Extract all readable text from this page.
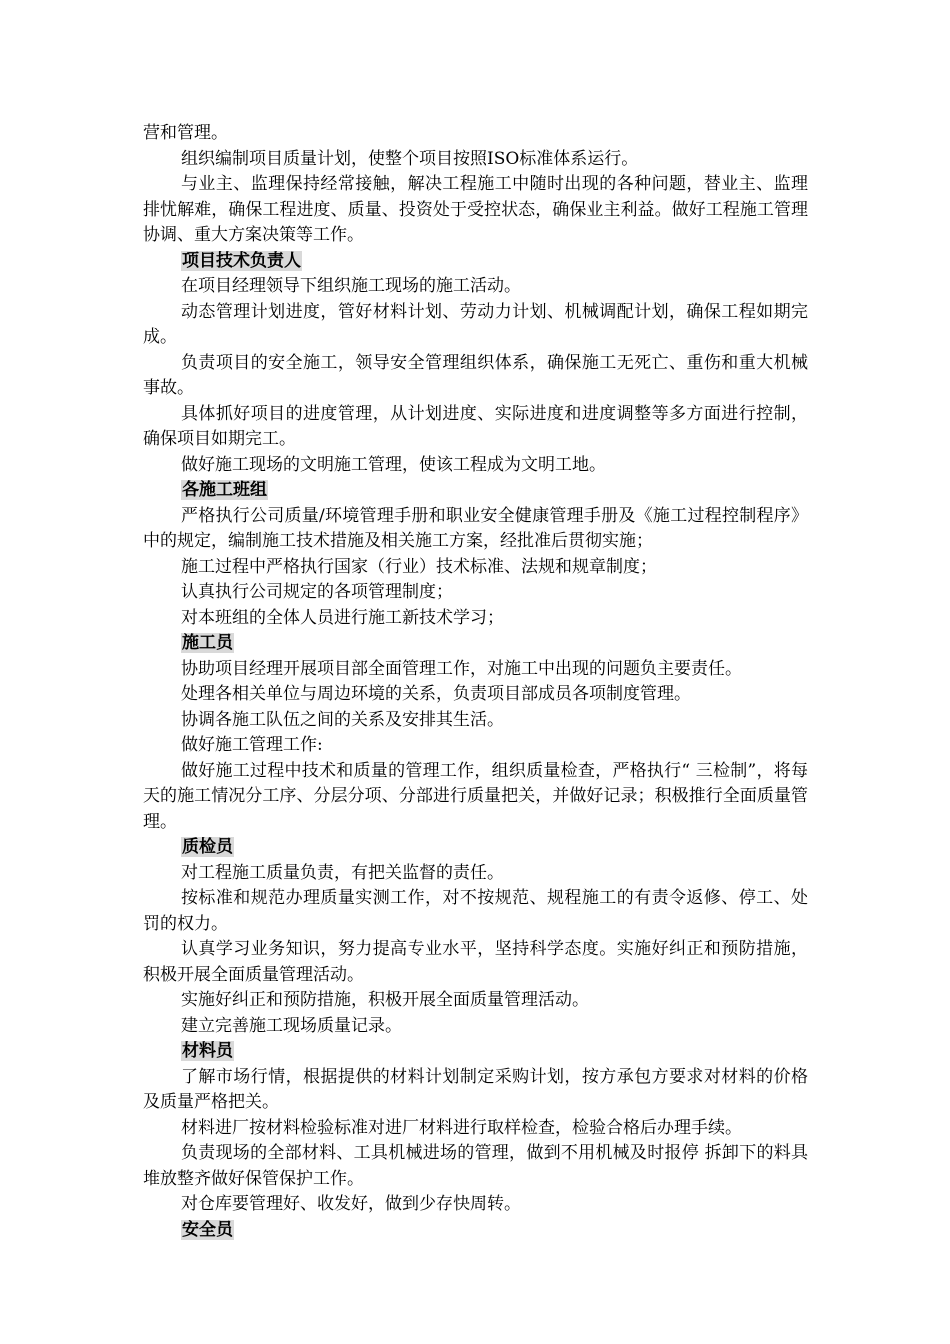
营和管理。

组织编制项目质量计划，使整个项目按照ISO标准体系运行。

与业主、监理保持经常接触，解决工程施工中随时出现的各种问题，替业主、监理排忧解难，确保工程进度、质量、投资处于受控状态，确保业主利益。做好工程施工管理协调、重大方案决策等工作。

项目技术负责人

在项目经理领导下组织施工现场的施工活动。

动态管理计划进度，管好材料计划、劳动力计划、机械调配计划，确保工程如期完成。

负责项目的安全施工，领导安全管理组织体系，确保施工无死亡、重伤和重大机械事故。

具体抓好项目的进度管理，从计划进度、实际进度和进度调整等多方面进行控制，确保项目如期完工。

做好施工现场的文明施工管理，使该工程成为文明工地。

各施工班组

严格执行公司质量/环境管理手册和职业安全健康管理手册及《施工过程控制程序》中的规定，编制施工技术措施及相关施工方案，经批准后贯彻实施；

施工过程中严格执行国家（行业）技术标准、法规和规章制度；

认真执行公司规定的各项管理制度；

对本班组的全体人员进行施工新技术学习；

施工员

协助项目经理开展项目部全面管理工作，对施工中出现的问题负主要责任。

处理各相关单位与周边环境的关系，负责项目部成员各项制度管理。

协调各施工队伍之间的关系及安排其生活。

做好施工管理工作:

做好施工过程中技术和质量的管理工作，组织质量检查，严格执行“ 三检制”，将每天的施工情况分工序、分层分项、分部进行质量把关，并做好记录；积极推行全面质量管理。

质检员

对工程施工质量负责，有把关监督的责任。

按标准和规范办理质量实测工作，对不按规范、规程施工的有责令返修、停工、处罚的权力。

认真学习业务知识，努力提高专业水平，坚持科学态度。实施好纠正和预防措施，积极开展全面质量管理活动。

实施好纠正和预防措施，积极开展全面质量管理活动。

建立完善施工现场质量记录。

材料员

了解市场行情，根据提供的材料计划制定采购计划，按方承包方要求对材料的价格及质量严格把关。

材料进厂按材料检验标准对进厂材料进行取样检查，检验合格后办理手续。

负责现场的全部材料、工具机械进场的管理，做到不用机械及时报停 拆卸下的料具堆放整齐做好保管保护工作。

对仓库要管理好、收发好，做到少存快周转。

安全员
